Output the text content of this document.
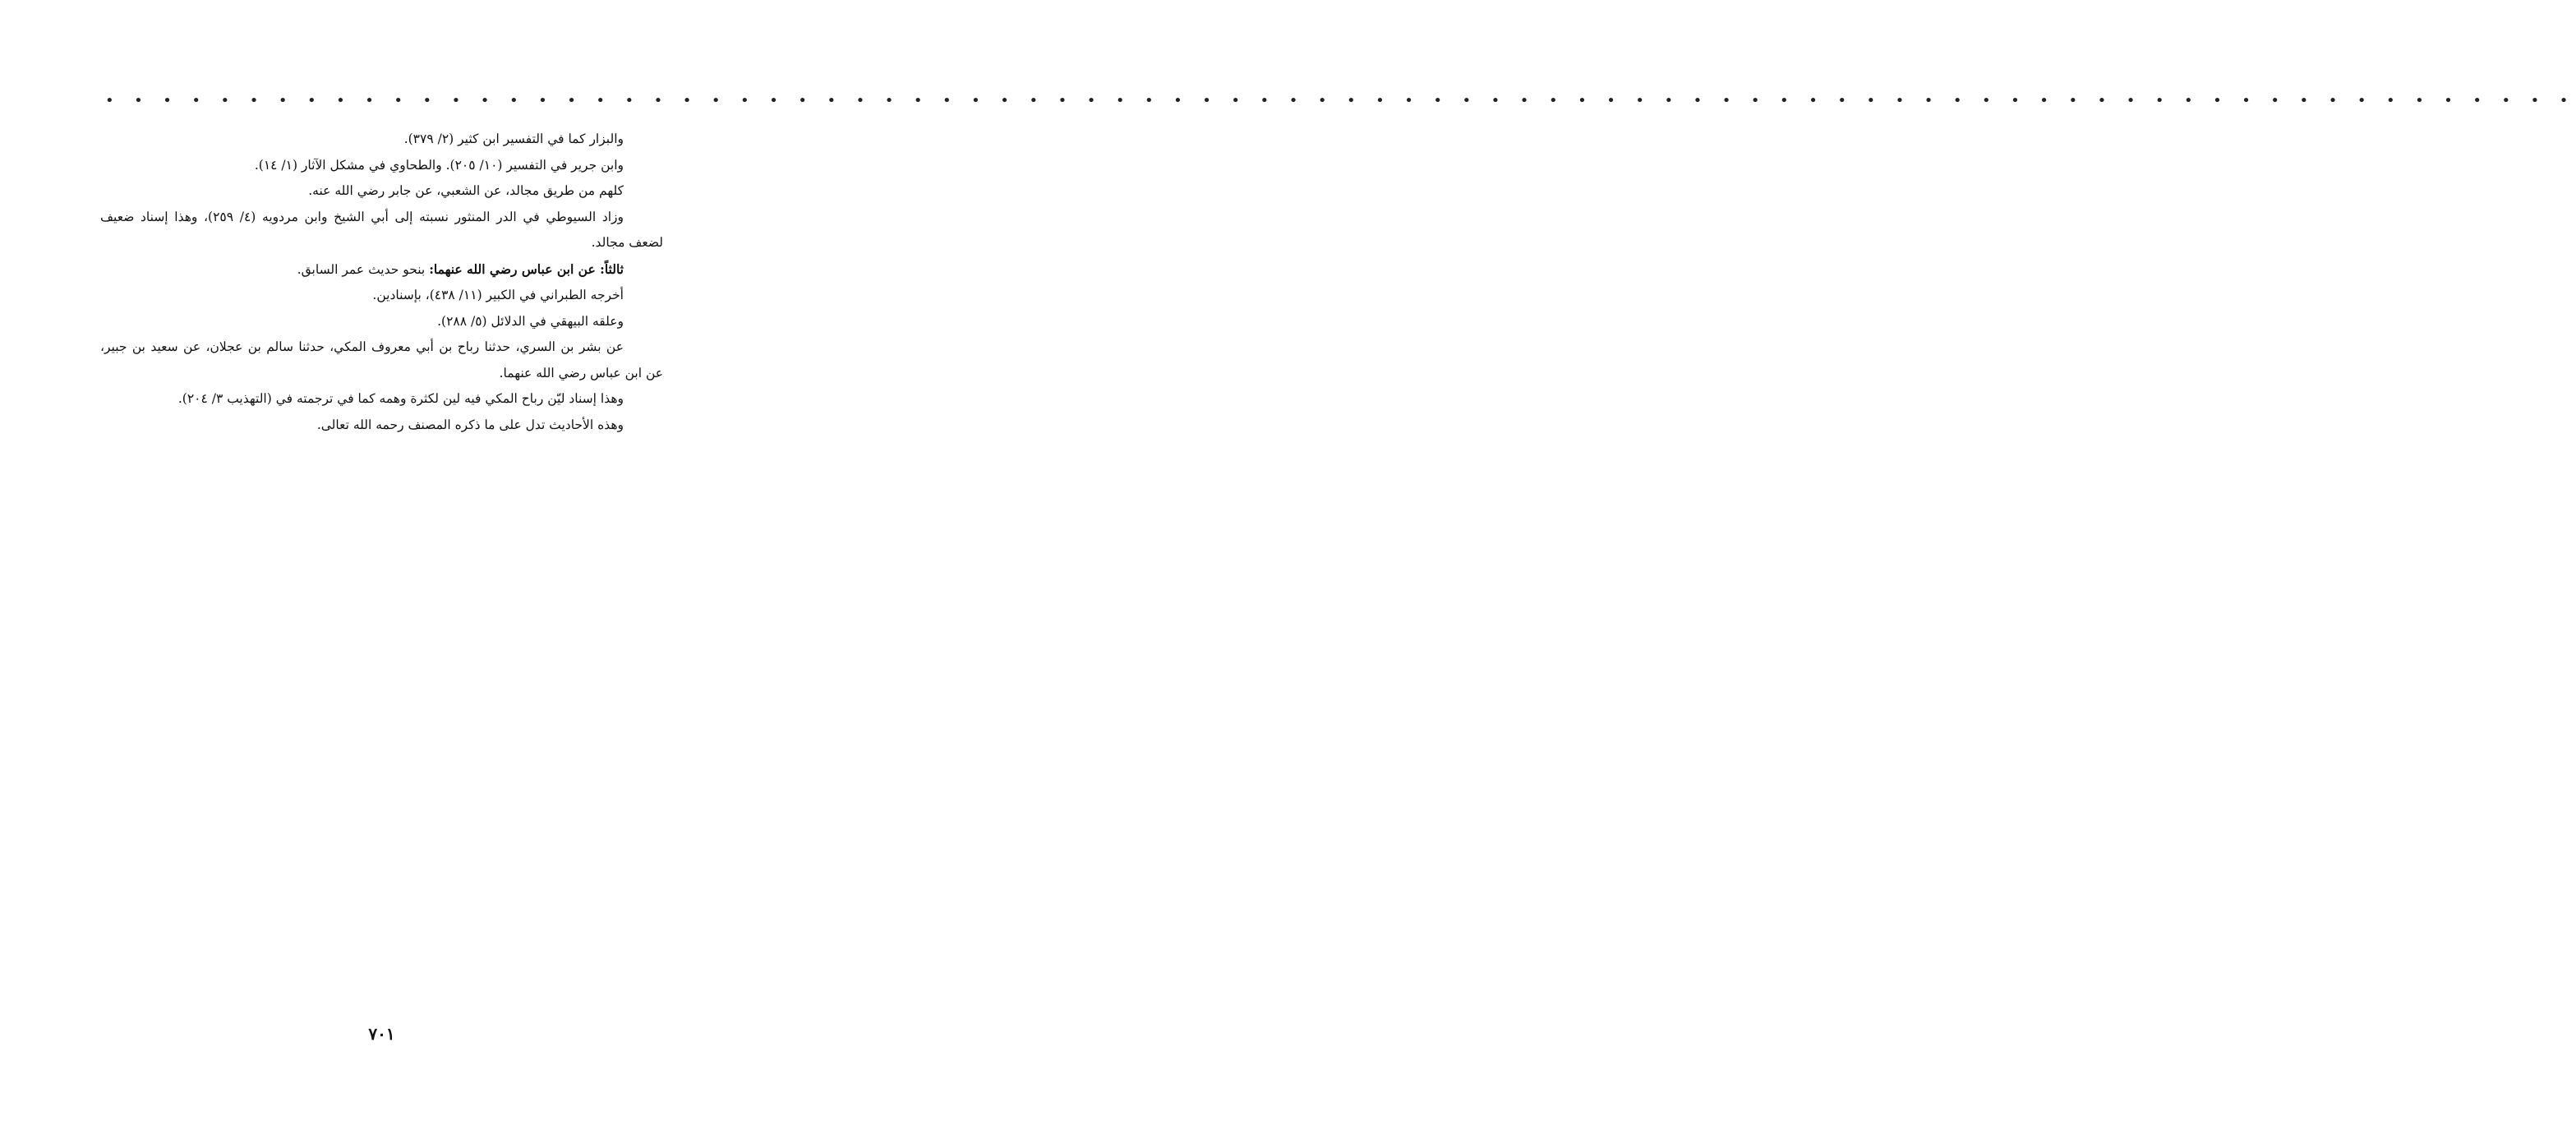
• • • • • • • • • • • • • • • • • • • • • • • • • • • • • • • • • • • • • • • • • • • • • • • • • • • • • • • • • • • • • • • • • • • • • • • • • • • • • • • • • • • • • •

والبزار كما في التفسير ابن كثير (٢/ ٣٧٩).

وابن جرير في التفسير (١٠/ ٢٠٥). والطحاوي في مشكل الآثار (١/ ١٤).

كلهم من طريق مجالد، عن الشعبي، عن جابر رضي الله عنه.

وزاد السيوطي في الدر المنثور نسبته إلى أبي الشيخ وابن مردويه (٤/ ٢٥٩)، وهذا إسناد ضعيف لضعف مجالد.

ثالثاً: عن ابن عباس رضي الله عنهما: بنحو حديث عمر السابق.

أخرجه الطبراني في الكبير (١١/ ٤٣٨)، بإسنادين.

وعلقه البيهقي في الدلائل (٥/ ٢٨٨).

عن بشر بن السري، حدثنا رباح بن أبي معروف المكي، حدثنا سالم بن عجلان، عن سعيد بن جبير، عن ابن عباس رضي الله عنهما.

وهذا إسناد ليّن رباح المكي فيه لين لكثرة وهمه كما في ترجمته في (التهذيب ٣/ ٢٠٤).

وهذه الأحاديث تدل على ما ذكره المصنف رحمه الله تعالى.

٧٠١
